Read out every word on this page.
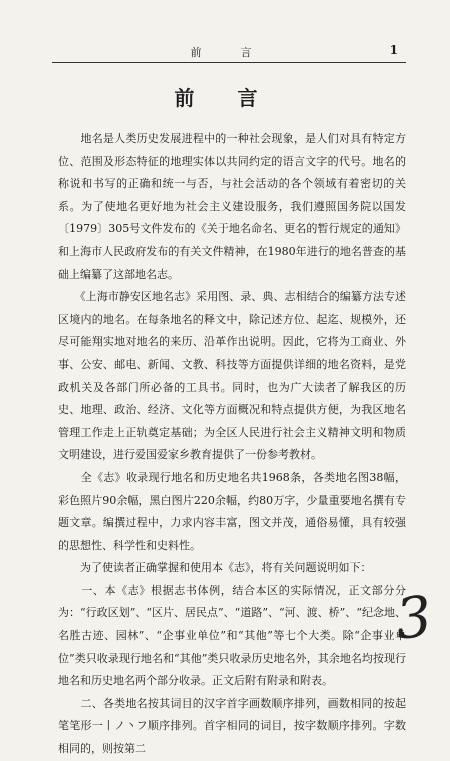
前　言	1
前 言

　　地名是人类历史发展进程中的一种社会现象，是人们对具有特定方位、范围及形态特征的地理实体以共同约定的语言文字的代号。地名的称说和书写的正确和统一与否，与社会活动的各个领域有着密切的关系。为了使地名更好地为社会主义建设服务，我们遵照国务院以国发〔1979〕305号文件发布的《关于地名命名、更名的暂行规定的通知》和上海市人民政府发布的有关文件精神，在1980年进行的地名普查的基础上编纂了这部地名志。

　　《上海市静安区地名志》采用图、录、典、志相结合的编纂方法专述区境内的地名。在每条地名的释文中，除记述方位、起迄、规模外，还尽可能翔实地对地名的来历、沿革作出说明。因此，它将为工商业、外事、公安、邮电、新闻、文教、科技等方面提供详细的地名资料，是党政机关及各部门所必备的工具书。同时，也为广大读者了解我区的历史、地理、政治、经济、文化等方面概况和特点提供方便，为我区地名管理工作走上正轨奠定基础；为全区人民进行社会主义精神文明和物质文明建设，进行爱国爱家乡教育提供了一份参考教材。

　　全《志》收录现行地名和历史地名共1968条，各类地名图38幅，彩色照片90余幅，黑白图片220余幅，约80万字，少量重要地名撰有专题文章。编撰过程中，力求内容丰富，图文并茂，通俗易懂，具有较强的思想性、科学性和史料性。

　　为了使读者正确掌握和使用本《志》，将有关问题说明如下：

　　一、本《志》根据志书体例，结合本区的实际情况，正文部分分为：“行政区划”、“区片、居民点”、“道路”、“河、渡、桥”、“纪念地、名胜古迹、园林”、“企事业单位”和“其他”等七个大类。除“企事业单位”类只收录现行地名和“其他”类只收录历史地名外，其余地名均按现行地名和历史地名两个部分收录。正文后附有附录和附表。

　　二、各类地名按其词目的汉字首字画数顺序排列，画数相同的按起笔笔形一丨ノ丶フ顺序排列。首字相同的词目，按字数顺序排列。字数相同的，则按第二

3
